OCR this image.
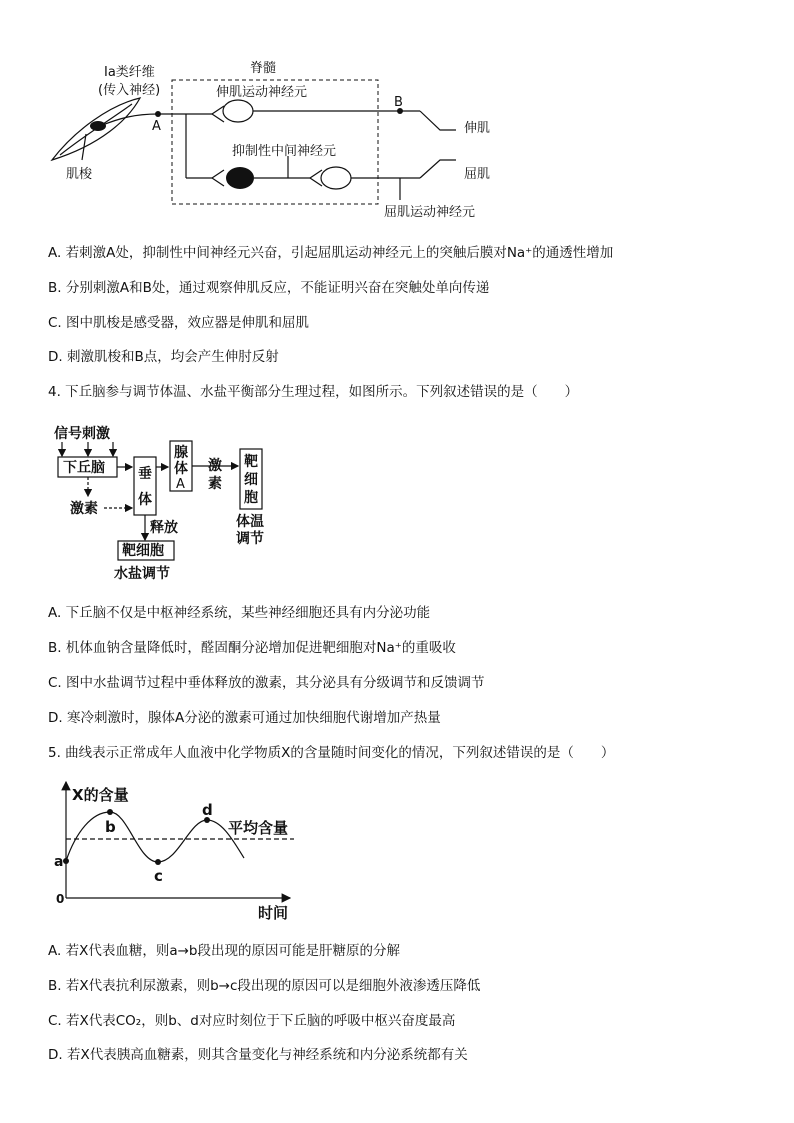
Ia类纤维
(传入神经)
脊髓
伸肌运动神经元
抑制性中间神经元
屈肌运动神经元
A
B
伸肌
屈肌
肌梭
A. 若刺激A处，抑制性中间神经元兴奋，引起屈肌运动神经元上的突触后膜对Na⁺的通透性增加
B. 分别刺激A和B处，通过观察伸肌反应，不能证明兴奋在突触处单向传递
C. 图中肌梭是感受器，效应器是伸肌和屈肌
D. 刺激肌梭和B点，均会产生伸肘反射
4. 下丘脑参与调节体温、水盐平衡部分生理过程，如图所示。下列叙述错误的是（　　）
信号刺激
下丘脑 垂
体
腺
体
A
激
素
靶
细
胞
体温
调节
激素
释放
靶细胞
水盐调节
A. 下丘脑不仅是中枢神经系统，某些神经细胞还具有内分泌功能
B. 机体血钠含量降低时，醛固酮分泌增加促进靶细胞对Na⁺的重吸收
C. 图中水盐调节过程中垂体释放的激素，其分泌具有分级调节和反馈调节
D. 寒冷刺激时，腺体A分泌的激素可通过加快细胞代谢增加产热量
5. 曲线表示正常成年人血液中化学物质X的含量随时间变化的情况，下列叙述错误的是（　　）
X的含量
时间
0
平均含量
a
b
c
d
A. 若X代表血糖，则a→b段出现的原因可能是肝糖原的分解
B. 若X代表抗利尿激素，则b→c段出现的原因可以是细胞外液渗透压降低
C. 若X代表CO₂，则b、d对应时刻位于下丘脑的呼吸中枢兴奋度最高
D. 若X代表胰高血糖素，则其含量变化与神经系统和内分泌系统都有关
